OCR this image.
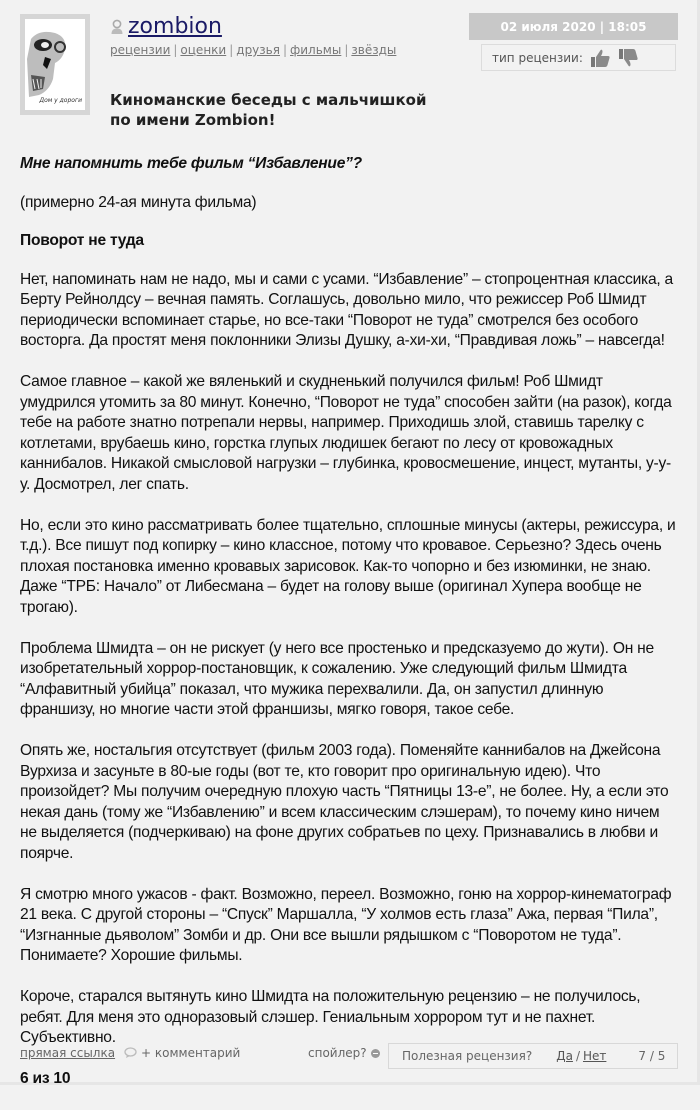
Дом у дороги
zombion
рецензии | оценки | друзья | фильмы | звёзды
Киноманские беседы с мальчишкой
по имени Zombion!
02 июля 2020 | 18:05
тип рецензии:

Мне напомнить тебе фильм “Избавление”?

(примерно 24-ая минута фильма)

Поворот не туда

Нет, напоминать нам не надо, мы и сами с усами. “Избавление” – стопроцентная классика, а Берту Рейнолдсу – вечная память. Соглашусь, довольно мило, что режиссер Роб Шмидт периодически вспоминает старье, но все-таки “Поворот не туда” смотрелся без особого восторга. Да простят меня поклонники Элизы Душку, а-хи-хи, “Правдивая ложь” – навсегда!

Самое главное – какой же вяленький и скудненький получился фильм! Роб Шмидт умудрился утомить за 80 минут. Конечно, “Поворот не туда” способен зайти (на разок), когда тебе на работе знатно потрепали нервы, например. Приходишь злой, ставишь тарелку с котлетами, врубаешь кино, горстка глупых людишек бегают по лесу от кровожадных каннибалов. Никакой смысловой нагрузки – глубинка, кровосмешение, инцест, мутанты, у-у-у. Досмотрел, лег спать.

Но, если это кино рассматривать более тщательно, сплошные минусы (актеры, режиссура, и т.д.). Все пишут под копирку – кино классное, потому что кровавое. Серьезно? Здесь очень плохая постановка именно кровавых зарисовок. Как-то чопорно и без изюминки, не знаю. Даже “ТРБ: Начало” от Либесмана – будет на голову выше (оригинал Хупера вообще не трогаю).

Проблема Шмидта – он не рискует (у него все простенько и предсказуемо до жути). Он не изобретательный хоррор-постановщик, к сожалению. Уже следующий фильм Шмидта “Алфавитный убийца” показал, что мужика перехвалили. Да, он запустил длинную франшизу, но многие части этой франшизы, мягко говоря, такое себе.

Опять же, ностальгия отсутствует (фильм 2003 года). Поменяйте каннибалов на Джейсона Вурхиза и засуньте в 80-ые годы (вот те, кто говорит про оригинальную идею). Что произойдет? Мы получим очередную плохую часть “Пятницы 13-е”, не более. Ну, а если это некая дань (тому же “Избавлению” и всем классическим слэшерам), то почему кино ничем не выделяется (подчеркиваю) на фоне других собратьев по цеху. Признавались в любви и поярче.

Я смотрю много ужасов - факт. Возможно, переел. Возможно, гоню на хоррор-кинематограф 21 века. С другой стороны – “Спуск” Маршалла, “У холмов есть глаза” Ажа, первая “Пила”, “Изгнанные дьяволом” Зомби и др. Они все вышли рядышком с “Поворотом не туда”. Понимаете? Хорошие фильмы.

Короче, старался вытянуть кино Шмидта на положительную рецензию – не получилось, ребят. Для меня это одноразовый слэшер. Гениальным хоррором тут и не пахнет. Субъективно.

6 из 10

прямая ссылка + комментарий	спойлер?	Полезная рецензия? Да / Нет	7 / 5
